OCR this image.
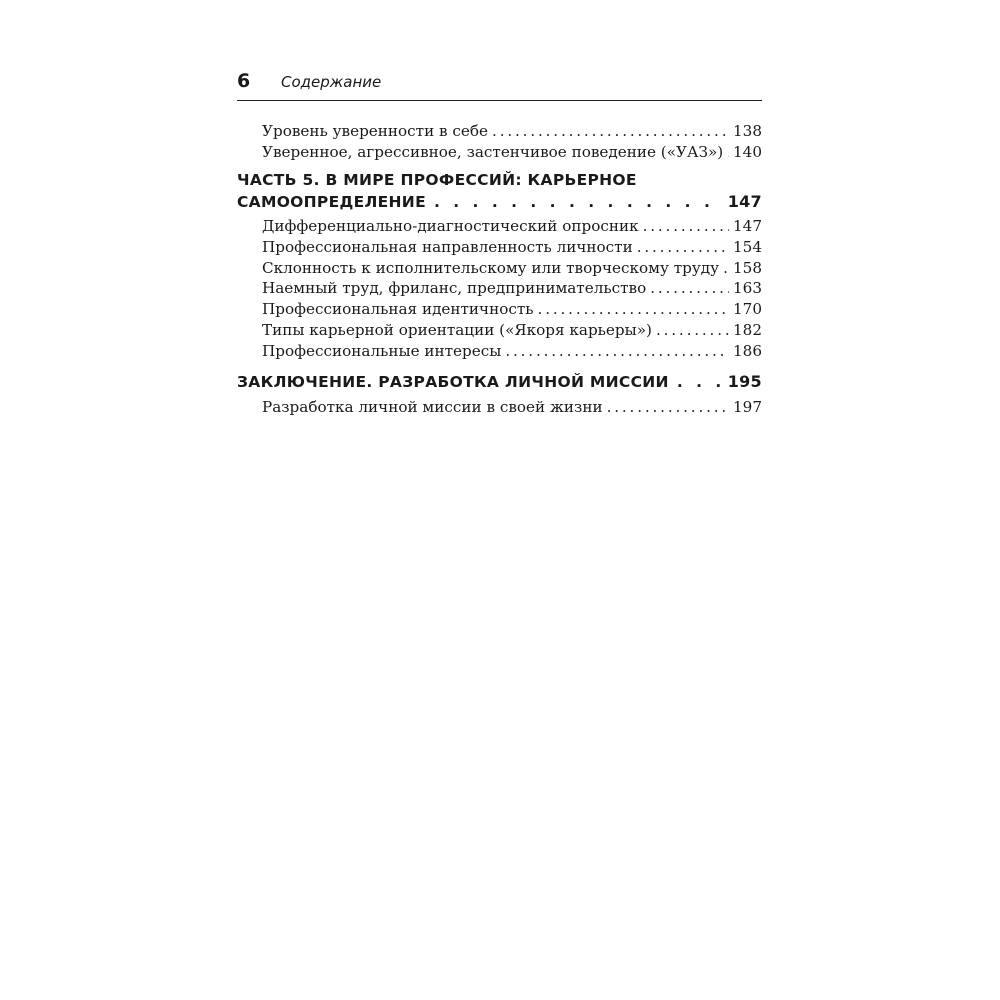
6	Содержание
Уровень уверенности в себе . . .	138
Уверенное, агрессивное, застенчивое поведение («УАЗ») . . . 140
ЧАСТЬ 5. В МИРЕ ПРОФЕССИЙ: КАРЬЕРНОЕ
САМООПРЕДЕЛЕНИЕ . . .	147
Дифференциально-диагностический опросник . . .	147
Профессиональная направленность личности . . .	154
Склонность к исполнительскому или творческому труду . . . 158
Наемный труд, фриланс, предпринимательство . . .	163
Профессиональная идентичность . . .	170
Типы карьерной ориентации («Якоря карьеры») . . .	182
Профессиональные интересы . . .	186
ЗАКЛЮЧЕНИЕ. РАЗРАБОТКА ЛИЧНОЙ МИССИИ . . .	195
Разработка личной миссии в своей жизни . . .	197
